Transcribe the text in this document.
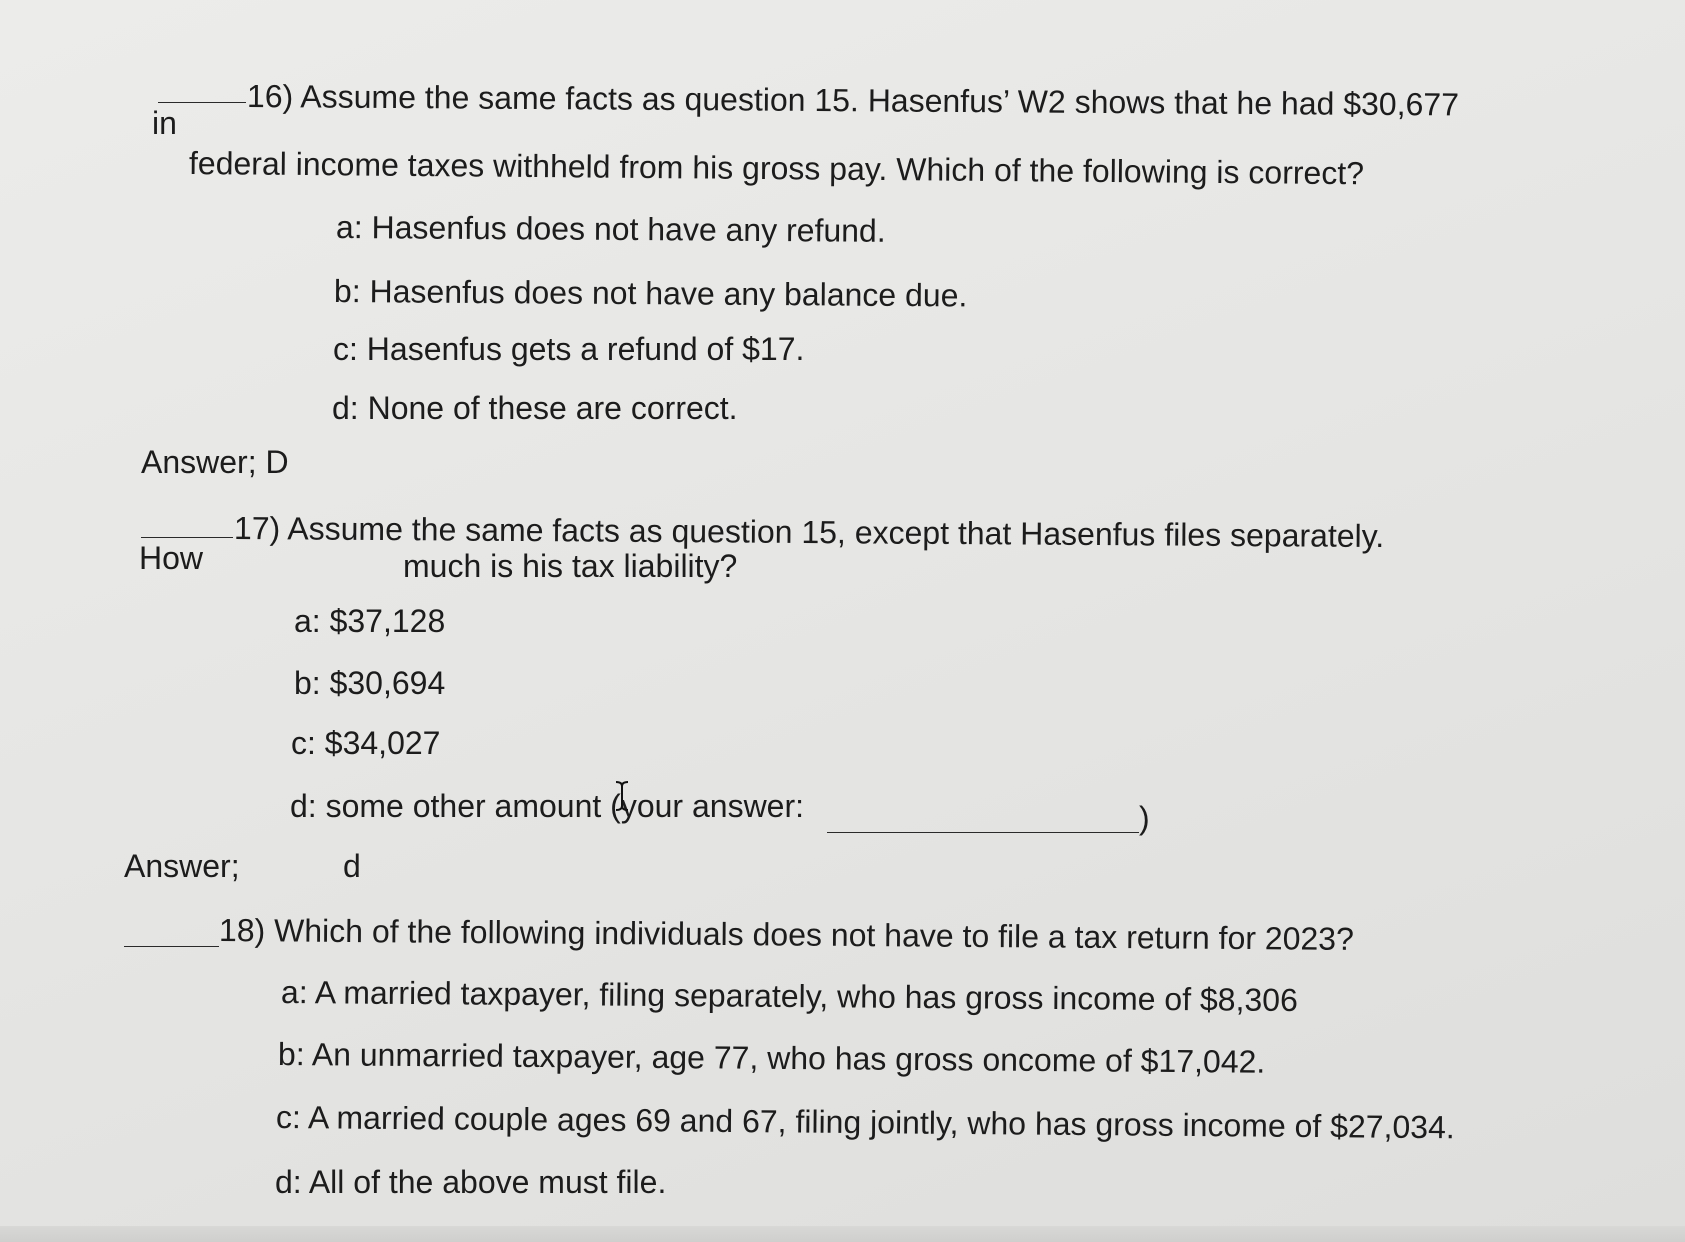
in
16) Assume the same facts as question 15. Hasenfus’ W2 shows that he had $30,677
federal income taxes withheld from his gross pay. Which of the following is correct?
a: Hasenfus does not have any refund.
b: Hasenfus does not have any balance due.
c: Hasenfus gets a refund of $17.
d: None of these are correct.
Answer; D
How
17) Assume the same facts as question 15, except that Hasenfus files separately.
much is his tax liability?
a: $37,128
b: $30,694
c: $34,027
d: some other amount (your answer:	)
Answer;	d
18) Which of the following individuals does not have to file a tax return for 2023?
a: A married taxpayer, filing separately, who has gross income of $8,306
b: An unmarried taxpayer, age 77, who has gross oncome of $17,042.
c: A married couple ages 69 and 67, filing jointly, who has gross income of $27,034.
d: All of the above must file.
